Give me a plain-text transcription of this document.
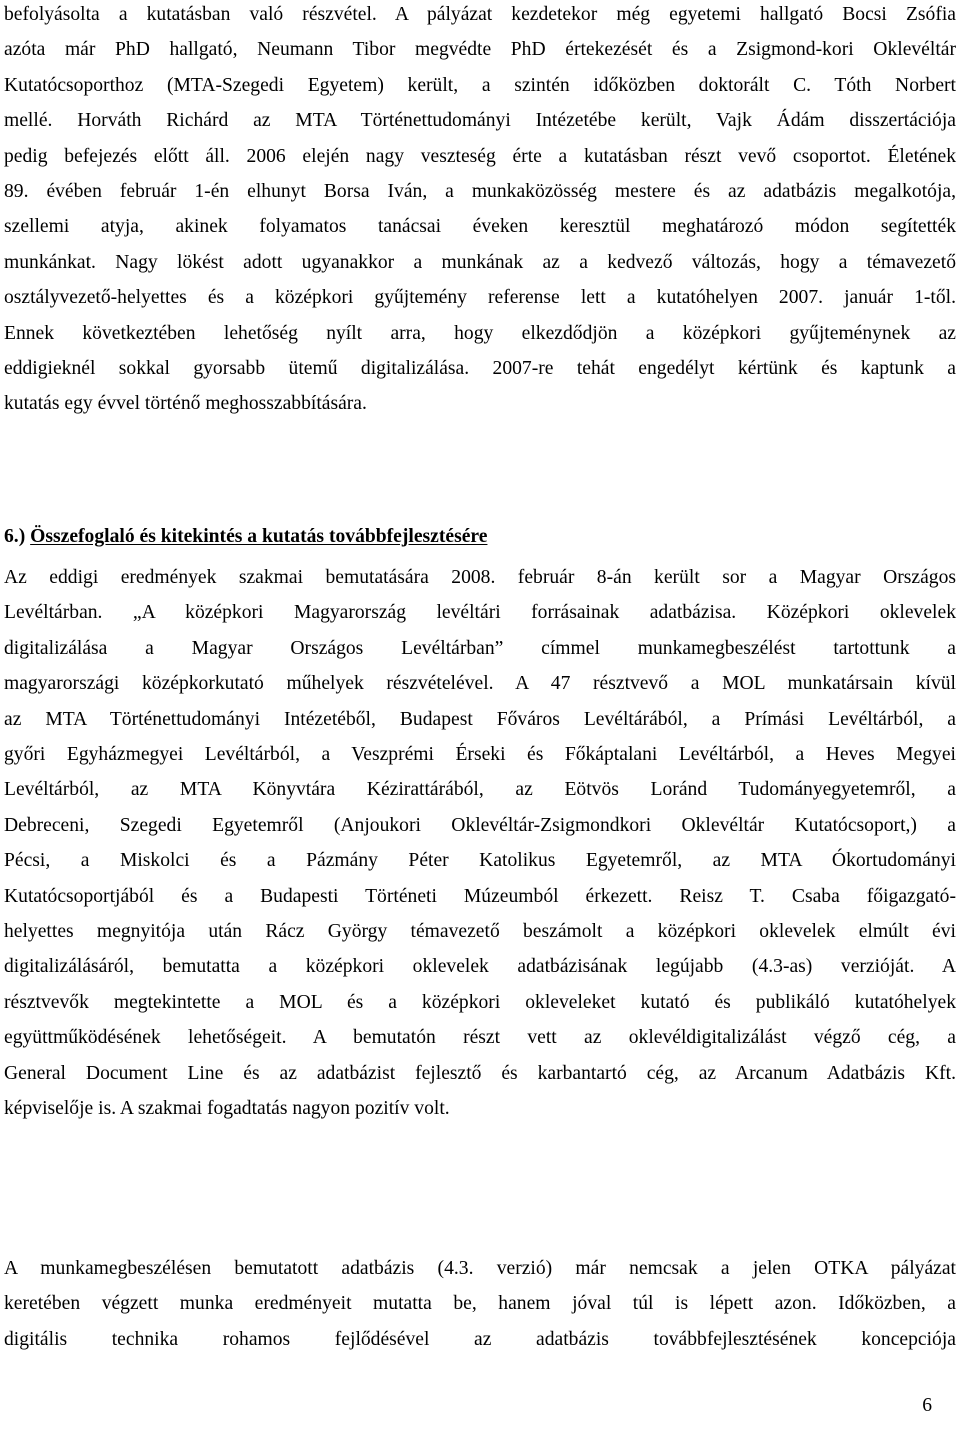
befolyásolta a kutatásban való részvétel. A pályázat kezdetekor még egyetemi hallgató Bocsi Zsófia
azóta már PhD hallgató, Neumann Tibor megvédte PhD értekezését és a Zsigmond-kori Oklevéltár
Kutatócsoporthoz (MTA-Szegedi Egyetem) került, a szintén időközben doktorált C. Tóth Norbert
mellé. Horváth Richárd az MTA Történettudományi Intézetébe került, Vajk Ádám disszertációja
pedig befejezés előtt áll. 2006 elején nagy veszteség érte a kutatásban részt vevő csoportot. Életének
89. évében február 1-én elhunyt Borsa Iván, a munkaközösség mestere és az adatbázis megalkotója,
szellemi atyja, akinek folyamatos tanácsai éveken keresztül meghatározó módon segítették
munkánkat. Nagy lökést adott ugyanakkor a munkának az a kedvező változás, hogy a témavezető
osztályvezető-helyettes és a középkori gyűjtemény referense lett a kutatóhelyen 2007. január 1-től.
Ennek következtében lehetőség nyílt arra, hogy elkezdődjön a középkori gyűjteménynek az
eddigieknél sokkal gyorsabb ütemű digitalizálása. 2007-re tehát engedélyt kértünk és kaptunk a
kutatás egy évvel történő meghosszabbítására.

6.) Összefoglaló és kitekintés a kutatás továbbfejlesztésére

Az eddigi eredmények szakmai bemutatására 2008. február 8-án került sor a Magyar Országos
Levéltárban. „A középkori Magyarország levéltári forrásainak adatbázisa. Középkori oklevelek
digitalizálása a Magyar Országos Levéltárban” címmel munkamegbeszélést tartottunk a
magyarországi középkorkutató műhelyek részvételével. A 47 résztvevő a MOL munkatársain kívül
az MTA Történettudományi Intézetéből, Budapest Főváros Levéltárából, a Prímási Levéltárból, a
győri Egyházmegyei Levéltárból, a Veszprémi Érseki és Főkáptalani Levéltárból, a Heves Megyei
Levéltárból, az MTA Könyvtára Kézirattárából, az Eötvös Loránd Tudományegyetemről, a
Debreceni, Szegedi Egyetemről (Anjoukori Oklevéltár-Zsigmondkori Oklevéltár Kutatócsoport,) a
Pécsi, a Miskolci és a Pázmány Péter Katolikus Egyetemről, az MTA Ókortudományi
Kutatócsoportjából és a Budapesti Történeti Múzeumból érkezett. Reisz T. Csaba főigazgató-
helyettes megnyitója után Rácz György témavezető beszámolt a középkori oklevelek elmúlt évi
digitalizálásáról, bemutatta a középkori oklevelek adatbázisának legújabb (4.3-as) verzióját. A
résztvevők megtekintette a MOL és a középkori okleveleket kutató és publikáló kutatóhelyek
együttműködésének lehetőségeit. A bemutatón részt vett az oklevéldigitalizálást végző cég, a
General Document Line és az adatbázist fejlesztő és karbantartó cég, az Arcanum Adatbázis Kft.
képviselője is. A szakmai fogadtatás nagyon pozitív volt.

A munkamegbeszélésen bemutatott adatbázis (4.3. verzió) már nemcsak a jelen OTKA pályázat
keretében végzett munka eredményeit mutatta be, hanem jóval túl is lépett azon. Időközben, a
digitális technika rohamos fejlődésével az adatbázis továbbfejlesztésének koncepciója

6
